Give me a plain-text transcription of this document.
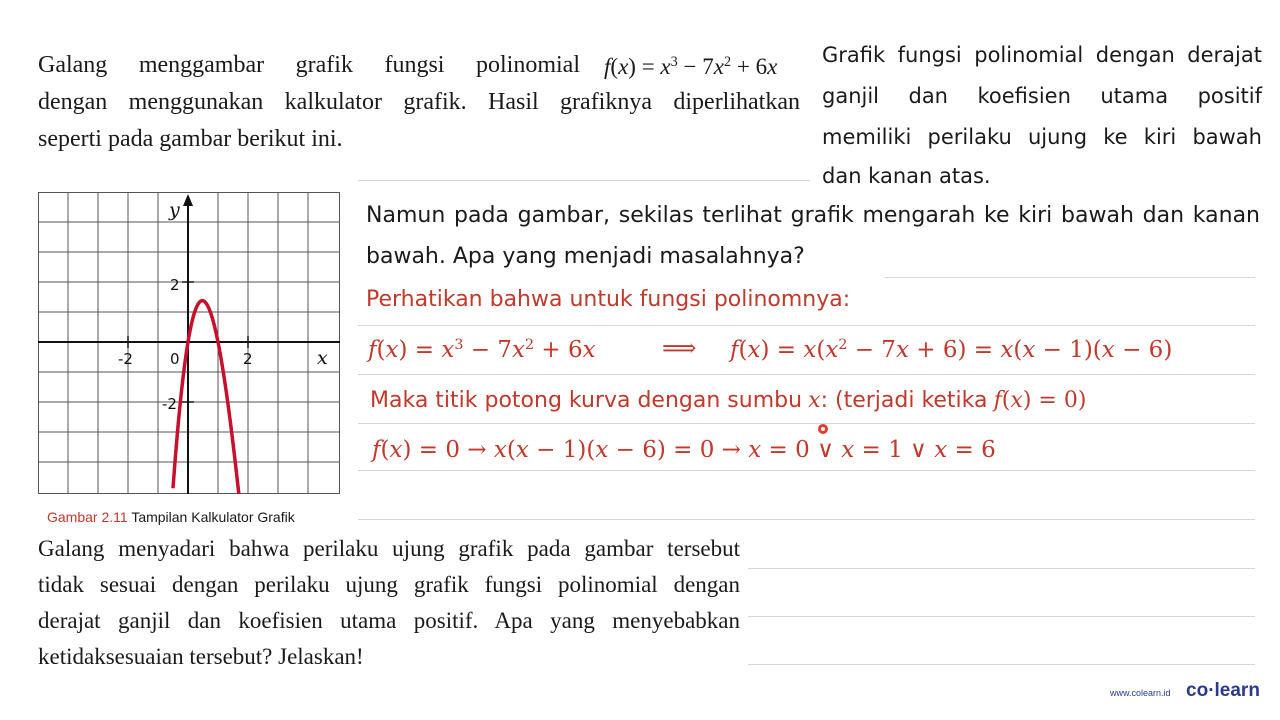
Galang menggambar grafik fungsi polinomial $f(x) = x^3 - 7x^2 + 6x$
dengan menggunakan kalkulator grafik. Hasil grafiknya diperlihatkan
seperti pada gambar berikut ini.
Grafik fungsi polinomial dengan derajat
ganjil dan koefisien utama positif
memiliki perilaku ujung ke kiri bawah
dan kanan atas.
Namun pada gambar, sekilas terlihat grafik mengarah ke kiri bawah dan kanan
bawah. Apa yang menjadi masalahnya?
Perhatikan bahwa untuk fungsi polinomnya:
$f(x) = x^3 - 7x^2 + 6x$	⟹ $f(x) = x(x^2 - 7x + 6) = x(x - 1)(x - 6)$
Maka titik potong kurva dengan sumbu x: (terjadi ketika f(x) = 0)
f(x) = 0 → x(x − 1)(x − 6) = 0 → x = 0 ∨ x = 1 ∨ x = 6
y
x
2
-2
-2 0	2
Gambar 2.11 Tampilan Kalkulator Grafik
Galang menyadari bahwa perilaku ujung grafik pada gambar tersebut
tidak sesuai dengan perilaku ujung grafik fungsi polinomial dengan
derajat ganjil dan koefisien utama positif. Apa yang menyebabkan
ketidaksesuaian tersebut? Jelaskan!
www.colearn.id co·learn
